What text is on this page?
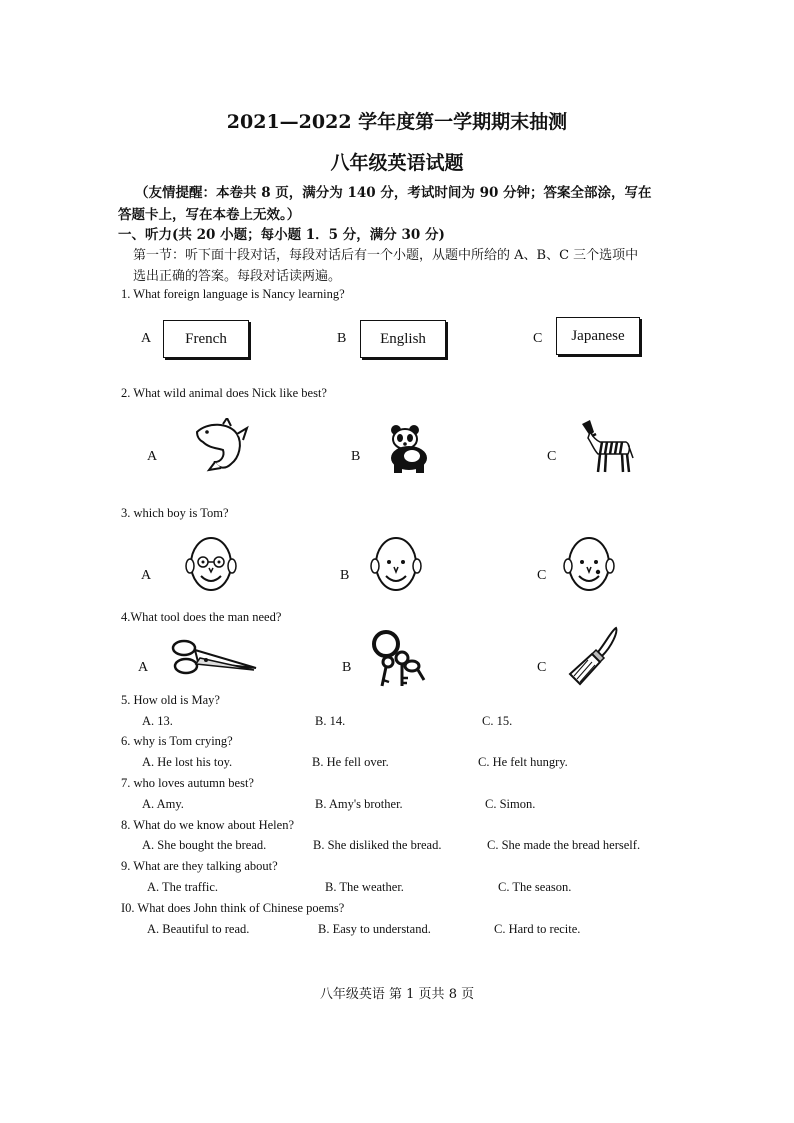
2021—2022 学年度第一学期期末抽测
八年级英语试题
（友情提醒：本卷共 8 页，满分为 140 分，考试时间为 90 分钟；答案全部涂，写在
答题卡上，写在本卷上无效。）
一、听力(共 20 小题；每小题 1．5 分，满分 30 分)
第一节：听下面十段对话，每段对话后有一个小题，从题中所给的 A、B、C 三个选项中
选出正确的答案。每段对话读两遍。
1. What foreign language is Nancy learning?
A	French	B	English	C	Japanese
2. What wild animal does Nick like best?
A	B	C
3. which boy is Tom?
A	B	C
4.What tool does the man need?
A	B	C
5. How old is May?
A. 13.	B. 14.	C. 15.
6. why is Tom crying?
A. He lost his toy.	B. He fell over.	C. He felt hungry.
7. who loves autumn best?
A. Amy.	B. Amy's brother.	C. Simon.
8. What do we know about Helen?
A. She bought the bread.	B. She disliked the bread.	C. She made the bread herself.
9. What are they talking about?
A. The traffic.	B. The weather.	C. The season.
I0. What does John think of Chinese poems?
A. Beautiful to read.	B. Easy to understand.	C. Hard to recite.
八年级英语 第 1 页共 8 页
